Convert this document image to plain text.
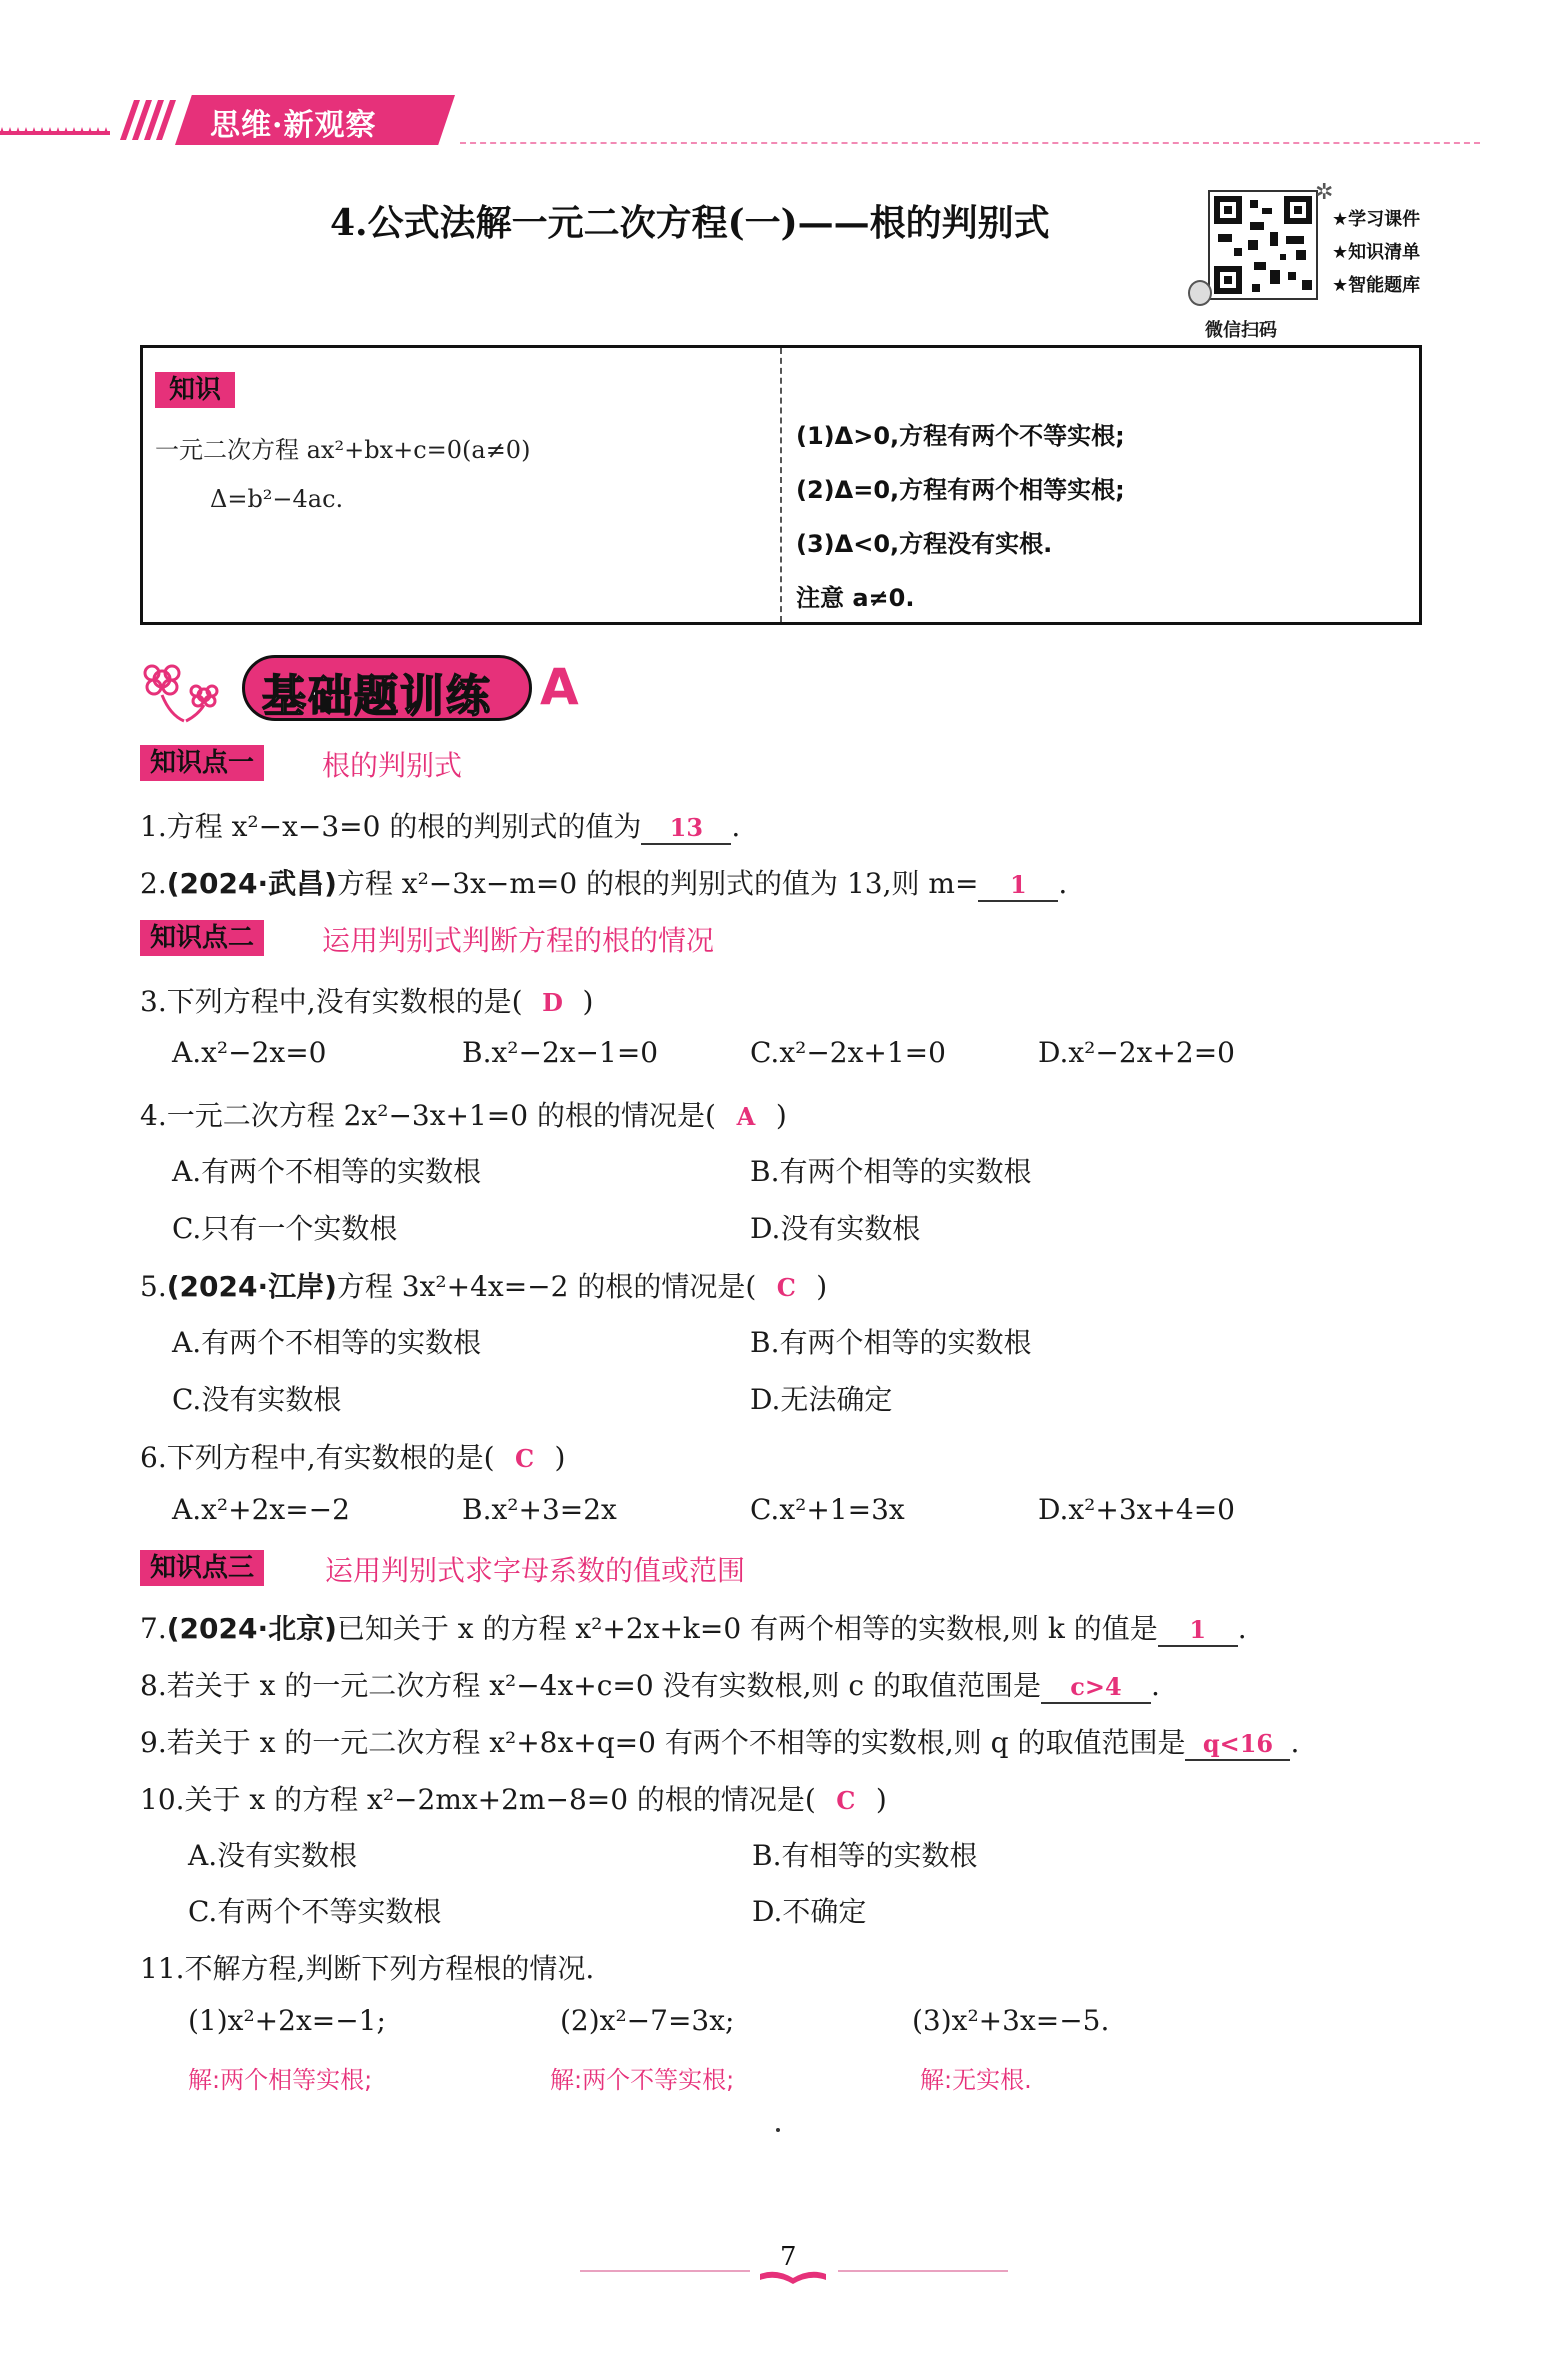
思维·新观察
4.公式法解一元二次方程(一)——根的判别式
微信扫码
✲
★学习课件
★知识清单
★智能题库
知识
一元二次方程 ax²+bx+c=0(a≠0)
Δ=b²−4ac.
(1)Δ>0,方程有两个不等实根;
(2)Δ=0,方程有两个相等实根;
(3)Δ<0,方程没有实根.
注意 a≠0.
基础题训练 A
知识点一	根的判别式
1.方程 x²−x−3=0 的根的判别式的值为 13 .
2.(2024·武昌)方程 x²−3x−m=0 的根的判别式的值为 13,则 m= 1 .
知识点二	运用判别式判断方程的根的情况
3.下列方程中,没有实数根的是( D )
A.x²−2x=0	B.x²−2x−1=0	C.x²−2x+1=0	D.x²−2x+2=0
4.一元二次方程 2x²−3x+1=0 的根的情况是( A )
A.有两个不相等的实数根	B.有两个相等的实数根
C.只有一个实数根	D.没有实数根
5.(2024·江岸)方程 3x²+4x=−2 的根的情况是( C )
A.有两个不相等的实数根	B.有两个相等的实数根
C.没有实数根	D.无法确定
6.下列方程中,有实数根的是( C )
A.x²+2x=−2	B.x²+3=2x	C.x²+1=3x	D.x²+3x+4=0
知识点三	运用判别式求字母系数的值或范围
7.(2024·北京)已知关于 x 的方程 x²+2x+k=0 有两个相等的实数根,则 k 的值是 1 .
8.若关于 x 的一元二次方程 x²−4x+c=0 没有实数根,则 c 的取值范围是 c>4 .
9.若关于 x 的一元二次方程 x²+8x+q=0 有两个不相等的实数根,则 q 的取值范围是 q<16 .
10.关于 x 的方程 x²−2mx+2m−8=0 的根的情况是( C )
A.没有实数根	B.有相等的实数根
C.有两个不等实数根	D.不确定
11.不解方程,判断下列方程根的情况.
(1)x²+2x=−1;	(2)x²−7=3x;	(3)x²+3x=−5.
解:两个相等实根;	解:两个不等实根;	解:无实根.
7
